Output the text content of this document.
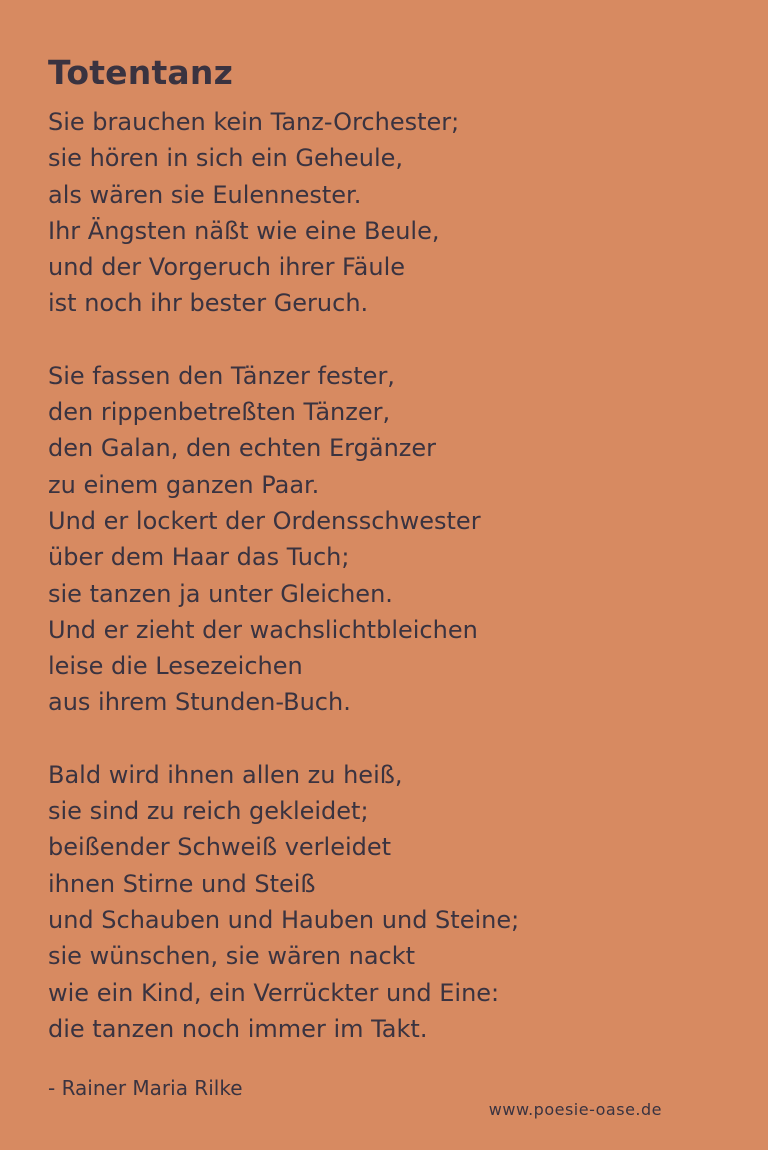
Totentanz
Sie brauchen kein Tanz-Orchester;
sie hören in sich ein Geheule,
als wären sie Eulennester.
Ihr Ängsten näßt wie eine Beule,
und der Vorgeruch ihrer Fäule
ist noch ihr bester Geruch.
Sie fassen den Tänzer fester,
den rippenbetreßten Tänzer,
den Galan, den echten Ergänzer
zu einem ganzen Paar.
Und er lockert der Ordensschwester
über dem Haar das Tuch;
sie tanzen ja unter Gleichen.
Und er zieht der wachslichtbleichen
leise die Lesezeichen
aus ihrem Stunden-Buch.
Bald wird ihnen allen zu heiß,
sie sind zu reich gekleidet;
beißender Schweiß verleidet
ihnen Stirne und Steiß
und Schauben und Hauben und Steine;
sie wünschen, sie wären nackt
wie ein Kind, ein Verrückter und Eine:
die tanzen noch immer im Takt.
- Rainer Maria Rilke
www.poesie-oase.de
